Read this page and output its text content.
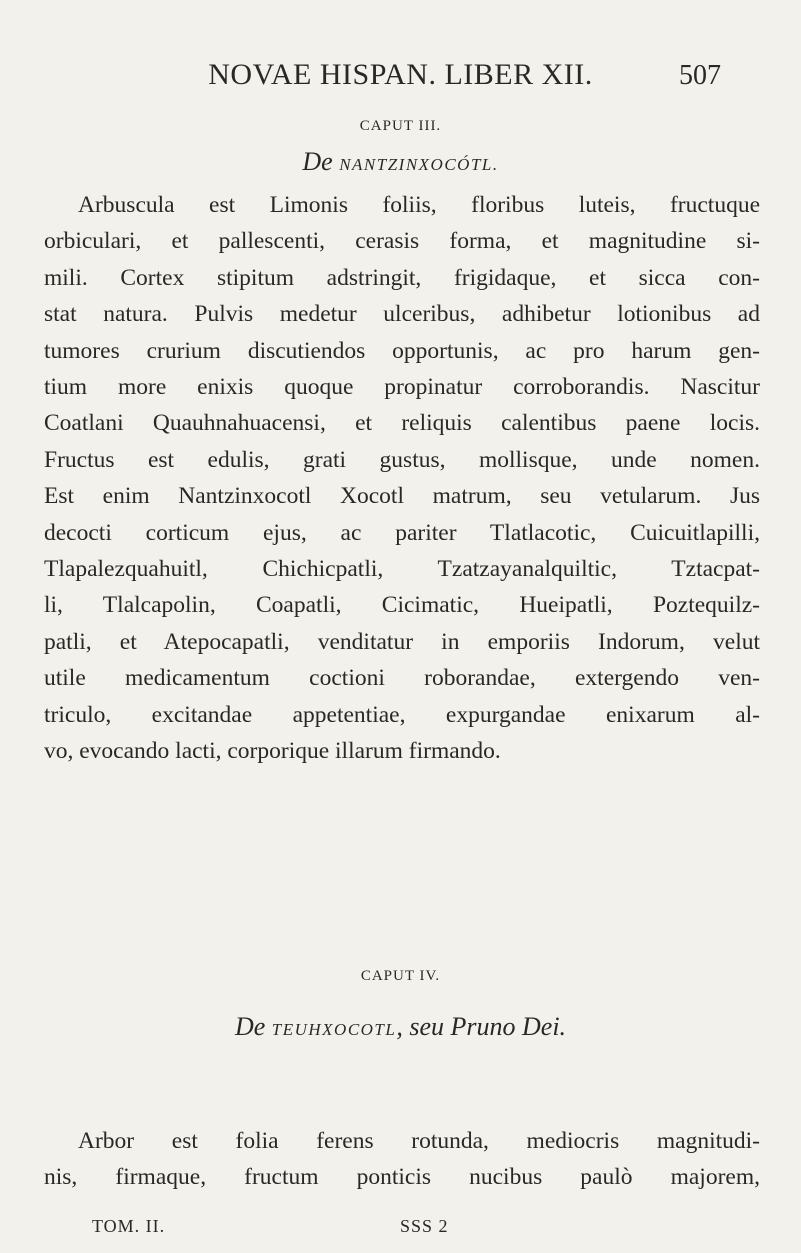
NOVAE HISPAN. LIBER XII.	507
CAPUT III.
De NANTZINXOCÓTL.
Arbuscula est Limonis foliis, floribus luteis, fructuque
orbiculari, et pallescenti, cerasis forma, et magnitudine si-
mili. Cortex stipitum adstringit, frigidaque, et sicca con-
stat natura. Pulvis medetur ulceribus, adhibetur lotionibus ad
tumores crurium discutiendos opportunis, ac pro harum gen-
tium more enixis quoque propinatur corroborandis. Nascitur
Coatlani Quauhnahuacensi, et reliquis calentibus paene locis.
Fructus est edulis, grati gustus, mollisque, unde nomen.
Est enim Nantzinxocotl Xocotl matrum, seu vetularum. Jus
decocti corticum ejus, ac pariter Tlatlacotic, Cuicuitlapilli,
Tlapalezquahuitl, Chichicpatli, Tzatzayanalquiltic, Tztacpat-
li, Tlalcapolin, Coapatli, Cicimatic, Hueipatli, Poztequilz-
patli, et Atepocapatli, venditatur in emporiis Indorum, velut
utile medicamentum coctioni roborandae, extergendo ven-
triculo, excitandae appetentiae, expurgandae enixarum al-
vo, evocando lacti, corporique illarum firmando.
CAPUT IV.
De TEUHXOCOTL, seu Pruno Dei.
Arbor est folia ferens rotunda, mediocris magnitudi-
nis, firmaque, fructum ponticis nucibus paulò majorem,
TOM. II.	SSS 2
